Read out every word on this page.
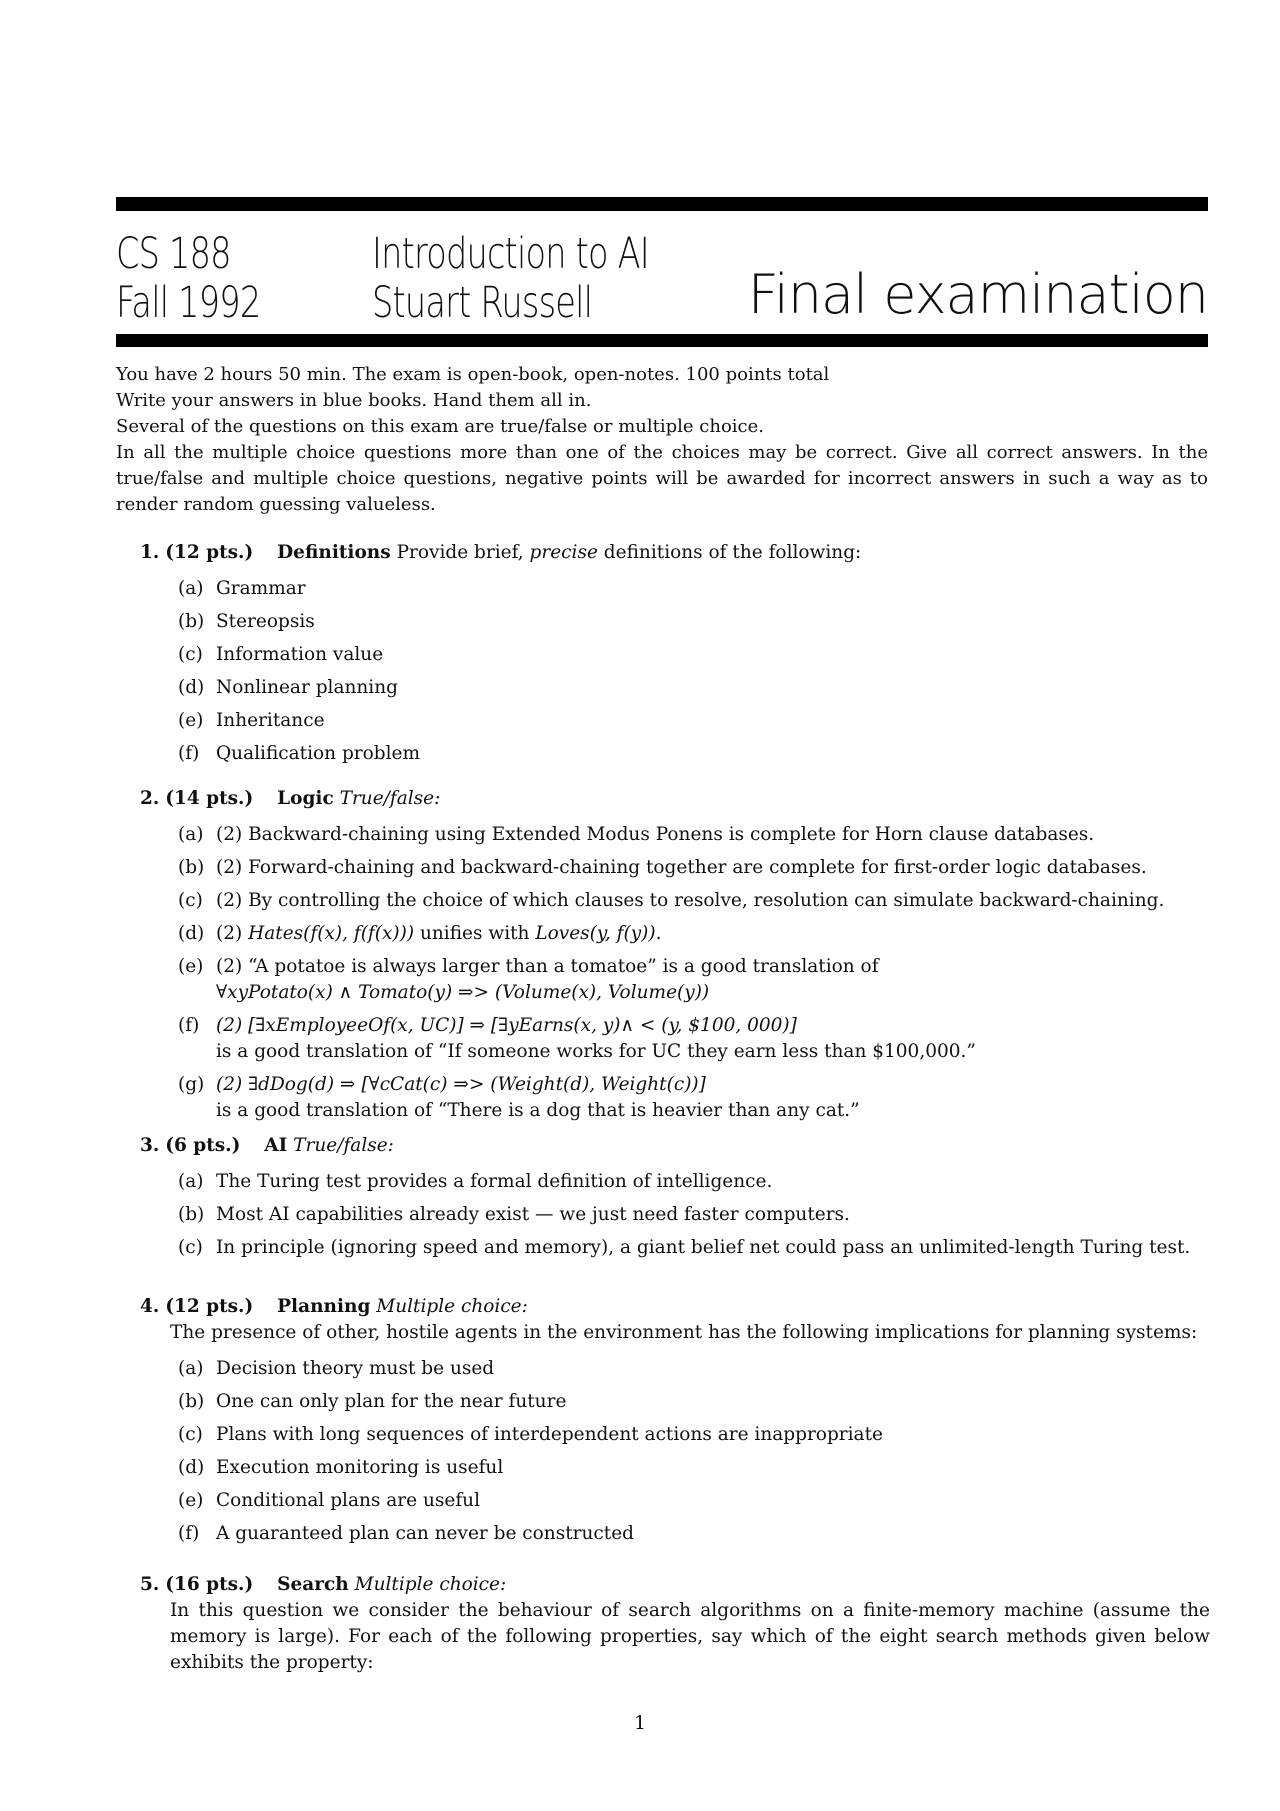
CS 188
Fall 1992
Introduction to AI
Stuart Russell	Final examination

You have 2 hours 50 min. The exam is open-book, open-notes. 100 points total

Write your answers in blue books. Hand them all in.

Several of the questions on this exam are true/false or multiple choice.

In all the multiple choice questions more than one of the choices may be correct. Give all correct answers. In the true/false and multiple choice questions, negative points will be awarded for incorrect answers in such a way as to render random guessing valueless.

1. (12 pts.) Definitions Provide brief, precise definitions of the following:

(a) Grammar
(b) Stereopsis
(c) Information value
(d) Nonlinear planning
(e) Inheritance
(f) Qualification problem

2. (14 pts.) Logic True/false:

(a) (2) Backward-chaining using Extended Modus Ponens is complete for Horn clause databases.
(b) (2) Forward-chaining and backward-chaining together are complete for first-order logic databases.
(c) (2) By controlling the choice of which clauses to resolve, resolution can simulate backward-chaining.
(d) (2) Hates(f(x), f(f(x))) unifies with Loves(y, f(y)).
(e) (2) “A potatoe is always larger than a tomatoe” is a good translation of
∀xyPotato(x) ∧ Tomato(y) ⇒> (Volume(x), Volume(y))
(f) (2) [∃xEmployeeOf(x, UC)] ⇒ [∃yEarns(x, y)∧ < (y, $100, 000)]
is a good translation of “If someone works for UC they earn less than $100,000.”
(g) (2) ∃dDog(d) ⇒ [∀cCat(c) ⇒> (Weight(d), Weight(c))]
is a good translation of “There is a dog that is heavier than any cat.”

3. (6 pts.) AI True/false:

(a) The Turing test provides a formal definition of intelligence.
(b) Most AI capabilities already exist — we just need faster computers.
(c) In principle (ignoring speed and memory), a giant belief net could pass an unlimited-length Turing test.

4. (12 pts.) Planning Multiple choice:

The presence of other, hostile agents in the environment has the following implications for planning systems:

(a) Decision theory must be used
(b) One can only plan for the near future
(c) Plans with long sequences of interdependent actions are inappropriate
(d) Execution monitoring is useful
(e) Conditional plans are useful
(f) A guaranteed plan can never be constructed

5. (16 pts.) Search Multiple choice:

In this question we consider the behaviour of search algorithms on a finite-memory machine (assume the memory is large). For each of the following properties, say which of the eight search methods given below exhibits the property:

1
